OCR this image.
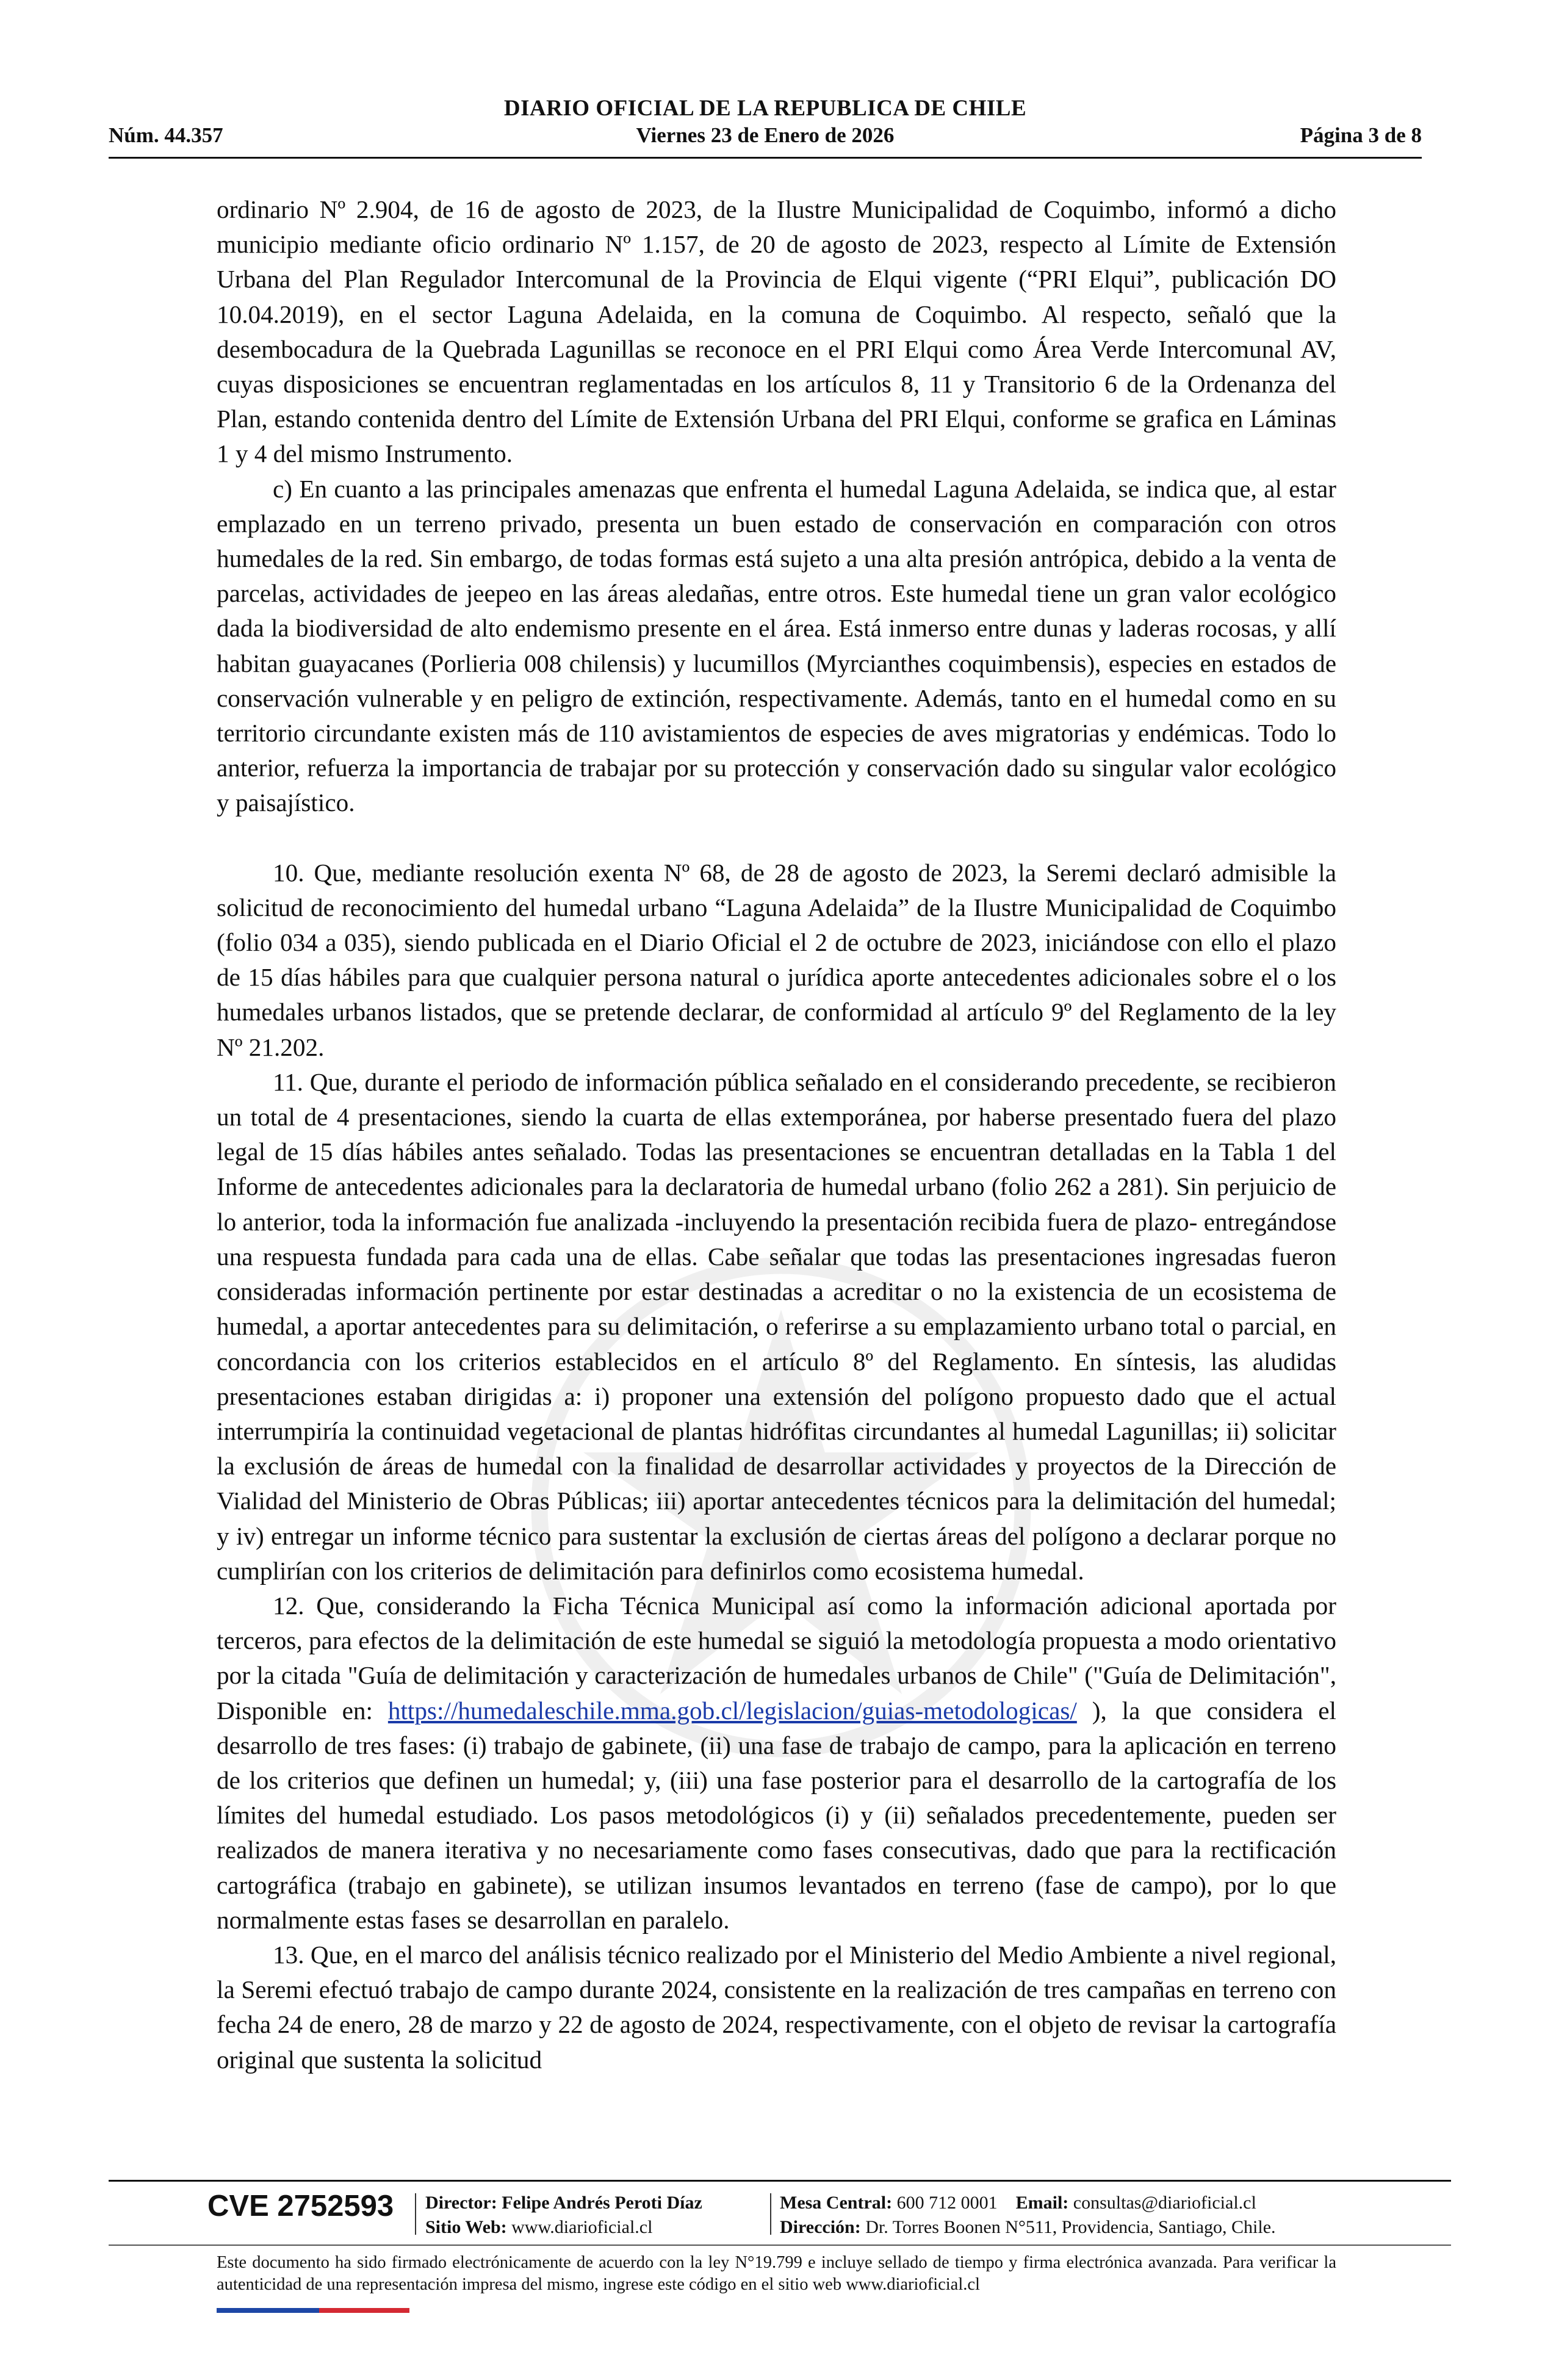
DIARIO OFICIAL DE LA REPUBLICA DE CHILE
Núm. 44.357	Viernes 23 de Enero de 2026	Página 3 de 8

ordinario Nº 2.904, de 16 de agosto de 2023, de la Ilustre Municipalidad de Coquimbo, informó a dicho municipio mediante oficio ordinario Nº 1.157, de 20 de agosto de 2023, respecto al Límite de Extensión Urbana del Plan Regulador Intercomunal de la Provincia de Elqui vigente (“PRI Elqui”, publicación DO 10.04.2019), en el sector Laguna Adelaida, en la comuna de Coquimbo. Al respecto, señaló que la desembocadura de la Quebrada Lagunillas se reconoce en el PRI Elqui como Área Verde Intercomunal AV, cuyas disposiciones se encuentran reglamentadas en los artículos 8, 11 y Transitorio 6 de la Ordenanza del Plan, estando contenida dentro del Límite de Extensión Urbana del PRI Elqui, conforme se grafica en Láminas 1 y 4 del mismo Instrumento.

c) En cuanto a las principales amenazas que enfrenta el humedal Laguna Adelaida, se indica que, al estar emplazado en un terreno privado, presenta un buen estado de conservación en comparación con otros humedales de la red. Sin embargo, de todas formas está sujeto a una alta presión antrópica, debido a la venta de parcelas, actividades de jeepeo en las áreas aledañas, entre otros. Este humedal tiene un gran valor ecológico dada la biodiversidad de alto endemismo presente en el área. Está inmerso entre dunas y laderas rocosas, y allí habitan guayacanes (Porlieria 008 chilensis) y lucumillos (Myrcianthes coquimbensis), especies en estados de conservación vulnerable y en peligro de extinción, respectivamente. Además, tanto en el humedal como en su territorio circundante existen más de 110 avistamientos de especies de aves migratorias y endémicas. Todo lo anterior, refuerza la importancia de trabajar por su protección y conservación dado su singular valor ecológico y paisajístico.

10. Que, mediante resolución exenta Nº 68, de 28 de agosto de 2023, la Seremi declaró admisible la solicitud de reconocimiento del humedal urbano “Laguna Adelaida” de la Ilustre Municipalidad de Coquimbo (folio 034 a 035), siendo publicada en el Diario Oficial el 2 de octubre de 2023, iniciándose con ello el plazo de 15 días hábiles para que cualquier persona natural o jurídica aporte antecedentes adicionales sobre el o los humedales urbanos listados, que se pretende declarar, de conformidad al artículo 9º del Reglamento de la ley Nº 21.202.

11. Que, durante el periodo de información pública señalado en el considerando precedente, se recibieron un total de 4 presentaciones, siendo la cuarta de ellas extemporánea, por haberse presentado fuera del plazo legal de 15 días hábiles antes señalado. Todas las presentaciones se encuentran detalladas en la Tabla 1 del Informe de antecedentes adicionales para la declaratoria de humedal urbano (folio 262 a 281). Sin perjuicio de lo anterior, toda la información fue analizada -incluyendo la presentación recibida fuera de plazo- entregándose una respuesta fundada para cada una de ellas. Cabe señalar que todas las presentaciones ingresadas fueron consideradas información pertinente por estar destinadas a acreditar o no la existencia de un ecosistema de humedal, a aportar antecedentes para su delimitación, o referirse a su emplazamiento urbano total o parcial, en concordancia con los criterios establecidos en el artículo 8º del Reglamento. En síntesis, las aludidas presentaciones estaban dirigidas a: i) proponer una extensión del polígono propuesto dado que el actual interrumpiría la continuidad vegetacional de plantas hidrófitas circundantes al humedal Lagunillas; ii) solicitar la exclusión de áreas de humedal con la finalidad de desarrollar actividades y proyectos de la Dirección de Vialidad del Ministerio de Obras Públicas; iii) aportar antecedentes técnicos para la delimitación del humedal; y iv) entregar un informe técnico para sustentar la exclusión de ciertas áreas del polígono a declarar porque no cumplirían con los criterios de delimitación para definirlos como ecosistema humedal.

12. Que, considerando la Ficha Técnica Municipal así como la información adicional aportada por terceros, para efectos de la delimitación de este humedal se siguió la metodología propuesta a modo orientativo por la citada "Guía de delimitación y caracterización de humedales urbanos de Chile" ("Guía de Delimitación", Disponible en: https://humedaleschile.mma.gob.cl/legislacion/guias-metodologicas/ ), la que considera el desarrollo de tres fases: (i) trabajo de gabinete, (ii) una fase de trabajo de campo, para la aplicación en terreno de los criterios que definen un humedal; y, (iii) una fase posterior para el desarrollo de la cartografía de los límites del humedal estudiado. Los pasos metodológicos (i) y (ii) señalados precedentemente, pueden ser realizados de manera iterativa y no necesariamente como fases consecutivas, dado que para la rectificación cartográfica (trabajo en gabinete), se utilizan insumos levantados en terreno (fase de campo), por lo que normalmente estas fases se desarrollan en paralelo.

13. Que, en el marco del análisis técnico realizado por el Ministerio del Medio Ambiente a nivel regional, la Seremi efectuó trabajo de campo durante 2024, consistente en la realización de tres campañas en terreno con fecha 24 de enero, 28 de marzo y 22 de agosto de 2024, respectivamente, con el objeto de revisar la cartografía original que sustenta la solicitud

CVE 2752593 Director: Felipe Andrés Peroti Díaz
Sitio Web: www.diarioficial.cl
Mesa Central: 600 712 0001 Email: consultas@diarioficial.cl
Dirección: Dr. Torres Boonen N°511, Providencia, Santiago, Chile.
Este documento ha sido firmado electrónicamente de acuerdo con la ley N°19.799 e incluye sellado de tiempo y firma electrónica avanzada. Para verificar la autenticidad de una representación impresa del mismo, ingrese este código en el sitio web www.diarioficial.cl
